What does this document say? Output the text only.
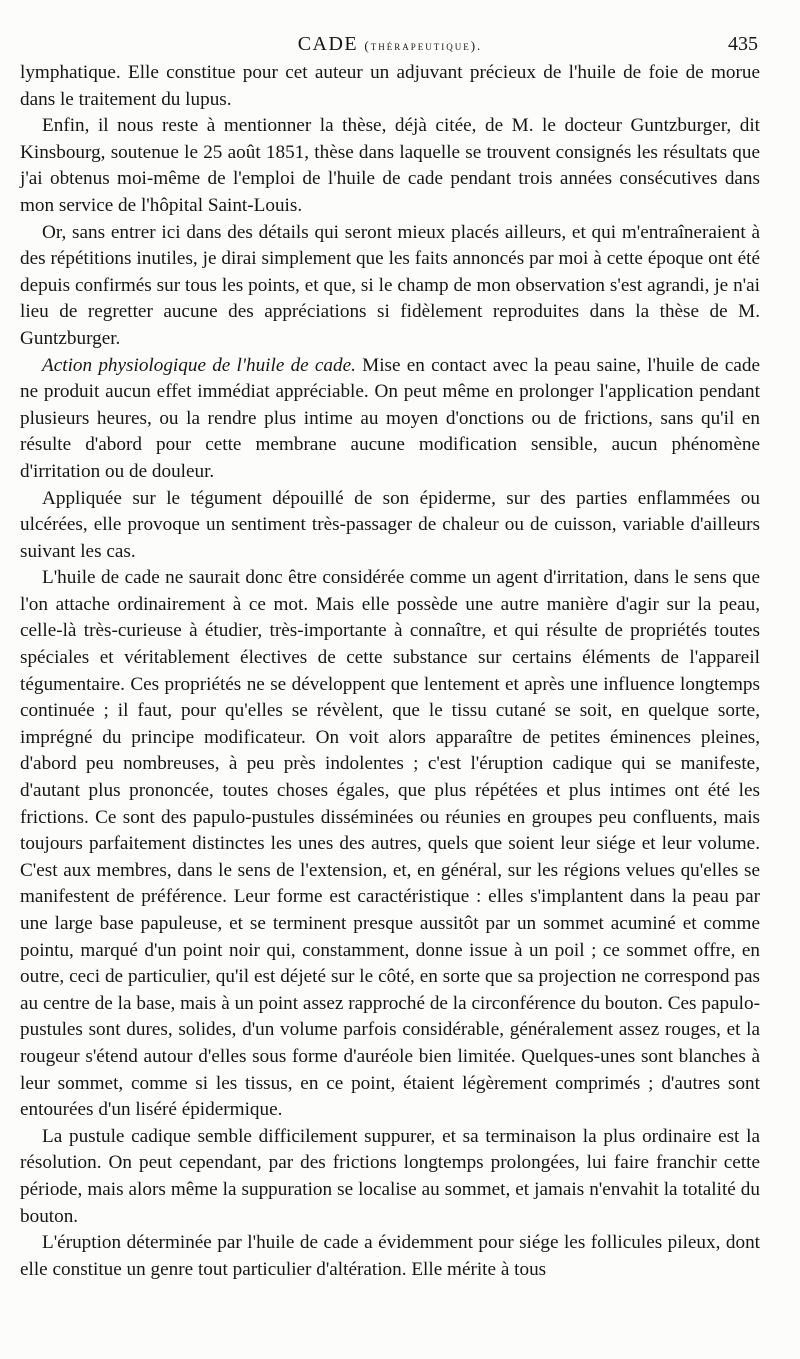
CADE (thérapeutique).	435

lymphatique. Elle constitue pour cet auteur un adjuvant précieux de l'huile de foie de morue dans le traitement du lupus.

Enfin, il nous reste à mentionner la thèse, déjà citée, de M. le docteur Guntzburger, dit Kinsbourg, soutenue le 25 août 1851, thèse dans laquelle se trouvent consignés les résultats que j'ai obtenus moi-même de l'emploi de l'huile de cade pendant trois années consécutives dans mon service de l'hôpital Saint-Louis.

Or, sans entrer ici dans des détails qui seront mieux placés ailleurs, et qui m'entraîneraient à des répétitions inutiles, je dirai simplement que les faits annoncés par moi à cette époque ont été depuis confirmés sur tous les points, et que, si le champ de mon observation s'est agrandi, je n'ai lieu de regretter aucune des appréciations si fidèlement reproduites dans la thèse de M. Guntzburger.

Action physiologique de l'huile de cade. Mise en contact avec la peau saine, l'huile de cade ne produit aucun effet immédiat appréciable. On peut même en prolonger l'application pendant plusieurs heures, ou la rendre plus intime au moyen d'onctions ou de frictions, sans qu'il en résulte d'abord pour cette membrane aucune modification sensible, aucun phénomène d'irritation ou de douleur.

Appliquée sur le tégument dépouillé de son épiderme, sur des parties enflammées ou ulcérées, elle provoque un sentiment très-passager de chaleur ou de cuisson, variable d'ailleurs suivant les cas.

L'huile de cade ne saurait donc être considérée comme un agent d'irritation, dans le sens que l'on attache ordinairement à ce mot. Mais elle possède une autre manière d'agir sur la peau, celle-là très-curieuse à étudier, très-importante à connaître, et qui résulte de propriétés toutes spéciales et véritablement électives de cette substance sur certains éléments de l'appareil tégumentaire. Ces propriétés ne se développent que lentement et après une influence longtemps continuée ; il faut, pour qu'elles se révèlent, que le tissu cutané se soit, en quelque sorte, imprégné du principe modificateur. On voit alors apparaître de petites éminences pleines, d'abord peu nombreuses, à peu près indolentes ; c'est l'éruption cadique qui se manifeste, d'autant plus prononcée, toutes choses égales, que plus répétées et plus intimes ont été les frictions. Ce sont des papulo-pustules disséminées ou réunies en groupes peu confluents, mais toujours parfaitement distinctes les unes des autres, quels que soient leur siége et leur volume. C'est aux membres, dans le sens de l'extension, et, en général, sur les régions velues qu'elles se manifestent de préférence. Leur forme est caractéristique : elles s'implantent dans la peau par une large base papuleuse, et se terminent presque aussitôt par un sommet acuminé et comme pointu, marqué d'un point noir qui, constamment, donne issue à un poil ; ce sommet offre, en outre, ceci de particulier, qu'il est déjeté sur le côté, en sorte que sa projection ne correspond pas au centre de la base, mais à un point assez rapproché de la circonférence du bouton. Ces papulo-pustules sont dures, solides, d'un volume parfois considérable, généralement assez rouges, et la rougeur s'étend autour d'elles sous forme d'auréole bien limitée. Quelques-unes sont blanches à leur sommet, comme si les tissus, en ce point, étaient légèrement comprimés ; d'autres sont entourées d'un liséré épidermique.

La pustule cadique semble difficilement suppurer, et sa terminaison la plus ordinaire est la résolution. On peut cependant, par des frictions longtemps prolongées, lui faire franchir cette période, mais alors même la suppuration se localise au sommet, et jamais n'envahit la totalité du bouton.

L'éruption déterminée par l'huile de cade a évidemment pour siége les follicules pileux, dont elle constitue un genre tout particulier d'altération. Elle mérite à tous
